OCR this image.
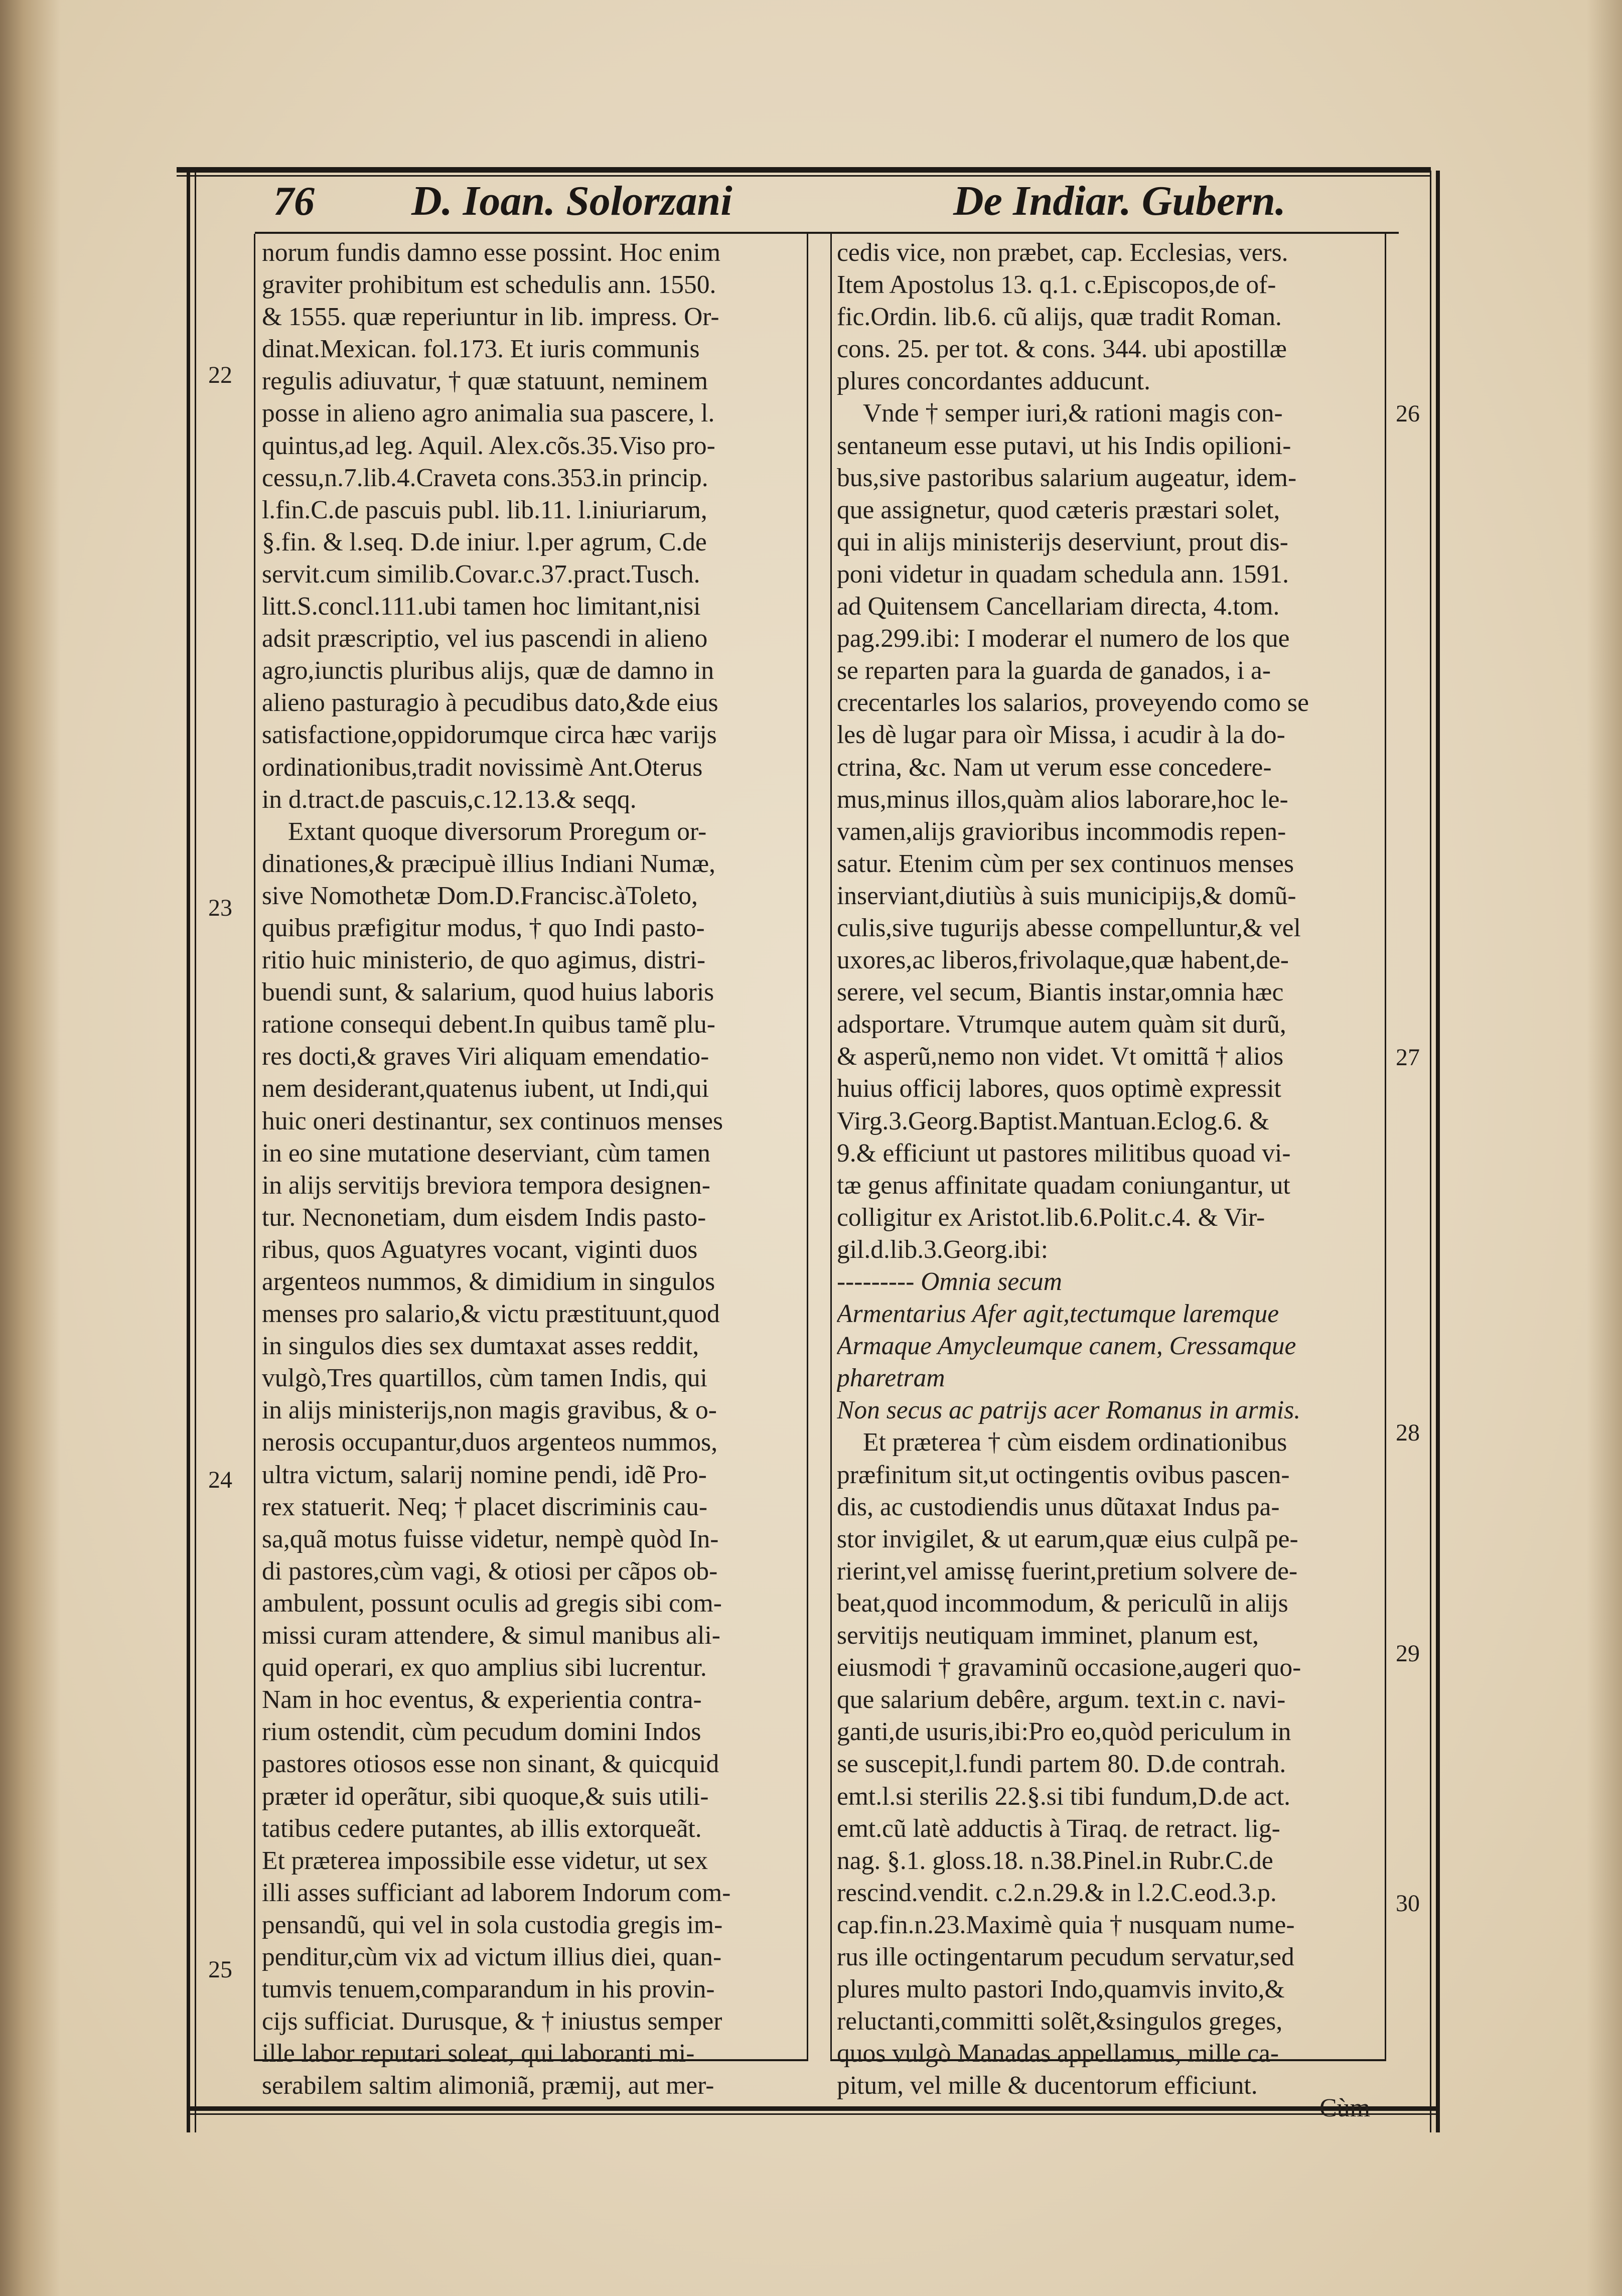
76 D. Ioan. Solorzani	De Indiar. Gubern.
norum fundis damno esse possint. Hoc enim
graviter prohibitum est schedulis ann. 1550.
& 1555. quæ reperiuntur in lib. impress. Or-
dinat.Mexican. fol.173. Et iuris communis
regulis adiuvatur, † quæ statuunt, neminem
posse in alieno agro animalia sua pascere, l.
quintus,ad leg. Aquil. Alex.cõs.35.Viso pro-
cessu,n.7.lib.4.Craveta cons.353.in princip.
l.fin.C.de pascuis publ. lib.11. l.iniuriarum,
§.fin. & l.seq. D.de iniur. l.per agrum, C.de
servit.cum similib.Covar.c.37.pract.Tusch.
litt.S.concl.111.ubi tamen hoc limitant,nisi
adsit præscriptio, vel ius pascendi in alieno
agro,iunctis pluribus alijs, quæ de damno in
alieno pasturagio à pecudibus dato,&de eius
satisfactione,oppidorumque circa hæc varijs
ordinationibus,tradit novissimè Ant.Oterus
in d.tract.de pascuis,c.12.13.& seqq.
Extant quoque diversorum Proregum or-
dinationes,& præcipuè illius Indiani Numæ,
sive Nomothetæ Dom.D.Francisc.àToleto,
quibus præfigitur modus, † quo Indi pasto-
ritio huic ministerio, de quo agimus, distri-
buendi sunt, & salarium, quod huius laboris
ratione consequi debent.In quibus tamẽ plu-
res docti,& graves Viri aliquam emendatio-
nem desiderant,quatenus iubent, ut Indi,qui
huic oneri destinantur, sex continuos menses
in eo sine mutatione deserviant, cùm tamen
in alijs servitijs breviora tempora designen-
tur. Necnonetiam, dum eisdem Indis pasto-
ribus, quos Aguatyres vocant, viginti duos
argenteos nummos, & dimidium in singulos
menses pro salario,& victu præstituunt,quod
in singulos dies sex dumtaxat asses reddit,
vulgò,Tres quartillos, cùm tamen Indis, qui
in alijs ministerijs,non magis gravibus, & o-
nerosis occupantur,duos argenteos nummos,
ultra victum, salarij nomine pendi, idẽ Pro-
rex statuerit. Neq; † placet discriminis cau-
sa,quã motus fuisse videtur, nempè quòd In-
di pastores,cùm vagi, & otiosi per cãpos ob-
ambulent, possunt oculis ad gregis sibi com-
missi curam attendere, & simul manibus ali-
quid operari, ex quo amplius sibi lucrentur.
Nam in hoc eventus, & experientia contra-
rium ostendit, cùm pecudum domini Indos
pastores otiosos esse non sinant, & quicquid
præter id operãtur, sibi quoque,& suis utili-
tatibus cedere putantes, ab illis extorqueãt.
Et præterea impossibile esse videtur, ut sex
illi asses sufficiant ad laborem Indorum com-
pensandũ, qui vel in sola custodia gregis im-
penditur,cùm vix ad victum illius diei, quan-
tumvis tenuem,comparandum in his provin-
cijs sufficiat. Durusque, & † iniustus semper
ille labor reputari soleat, qui laboranti mi-
serabilem saltim alimoniã, præmij, aut mer-
cedis vice, non præbet, cap. Ecclesias, vers.
Item Apostolus 13. q.1. c.Episcopos,de of-
fic.Ordin. lib.6. cũ alijs, quæ tradit Roman.
cons. 25. per tot. & cons. 344. ubi apostillæ
plures concordantes adducunt.
Vnde † semper iuri,& rationi magis con-
sentaneum esse putavi, ut his Indis opilioni-
bus,sive pastoribus salarium augeatur, idem-
que assignetur, quod cæteris præstari solet,
qui in alijs ministerijs deserviunt, prout dis-
poni videtur in quadam schedula ann. 1591.
ad Quitensem Cancellariam directa, 4.tom.
pag.299.ibi: I moderar el numero de los que
se reparten para la guarda de ganados, i a-
crecentarles los salarios, proveyendo como se
les dè lugar para oìr Missa, i acudir à la do-
ctrina, &c. Nam ut verum esse concedere-
mus,minus illos,quàm alios laborare,hoc le-
vamen,alijs gravioribus incommodis repen-
satur. Etenim cùm per sex continuos menses
inserviant,diutiùs à suis municipijs,& domũ-
culis,sive tugurijs abesse compelluntur,& vel
uxores,ac liberos,frivolaque,quæ habent,de-
serere, vel secum, Biantis instar,omnia hæc
adsportare. Vtrumque autem quàm sit durũ,
& asperũ,nemo non videt. Vt omittã † alios
huius officij labores, quos optimè expressit
Virg.3.Georg.Baptist.Mantuan.Eclog.6. &
9.& efficiunt ut pastores militibus quoad vi-
tæ genus affinitate quadam coniungantur, ut
colligitur ex Aristot.lib.6.Polit.c.4. & Vir-
gil.d.lib.3.Georg.ibi:
--------- Omnia secum
Armentarius Afer agit,tectumque laremque
Armaque Amycleumque canem, Cressamque
pharetram
Non secus ac patrijs acer Romanus in armis.
Et præterea † cùm eisdem ordinationibus
præfinitum sit,ut octingentis ovibus pascen-
dis, ac custodiendis unus dũtaxat Indus pa-
stor invigilet, & ut earum,quæ eius culpã pe-
rierint,vel amissę fuerint,pretium solvere de-
beat,quod incommodum, & periculũ in alijs
servitijs neutiquam imminet, planum est,
eiusmodi † gravaminũ occasione,augeri quo-
que salarium debêre, argum. text.in c. navi-
ganti,de usuris,ibi:Pro eo,quòd periculum in
se suscepit,l.fundi partem 80. D.de contrah.
emt.l.si sterilis 22.§.si tibi fundum,D.de act.
emt.cũ latè adductis à Tiraq. de retract. lig-
nag. §.1. gloss.18. n.38.Pinel.in Rubr.C.de
rescind.vendit. c.2.n.29.& in l.2.C.eod.3.p.
cap.fin.n.23.Maximè quia † nusquam nume-
rus ille octingentarum pecudum servatur,sed
plures multo pastori Indo,quamvis invito,&
reluctanti,committi solẽt,&singulos greges,
quos vulgò Manadas appellamus, mille ca-
pitum, vel mille & ducentorum efficiunt.
22
23
24
25
26
27
28
29
30
Cùm
